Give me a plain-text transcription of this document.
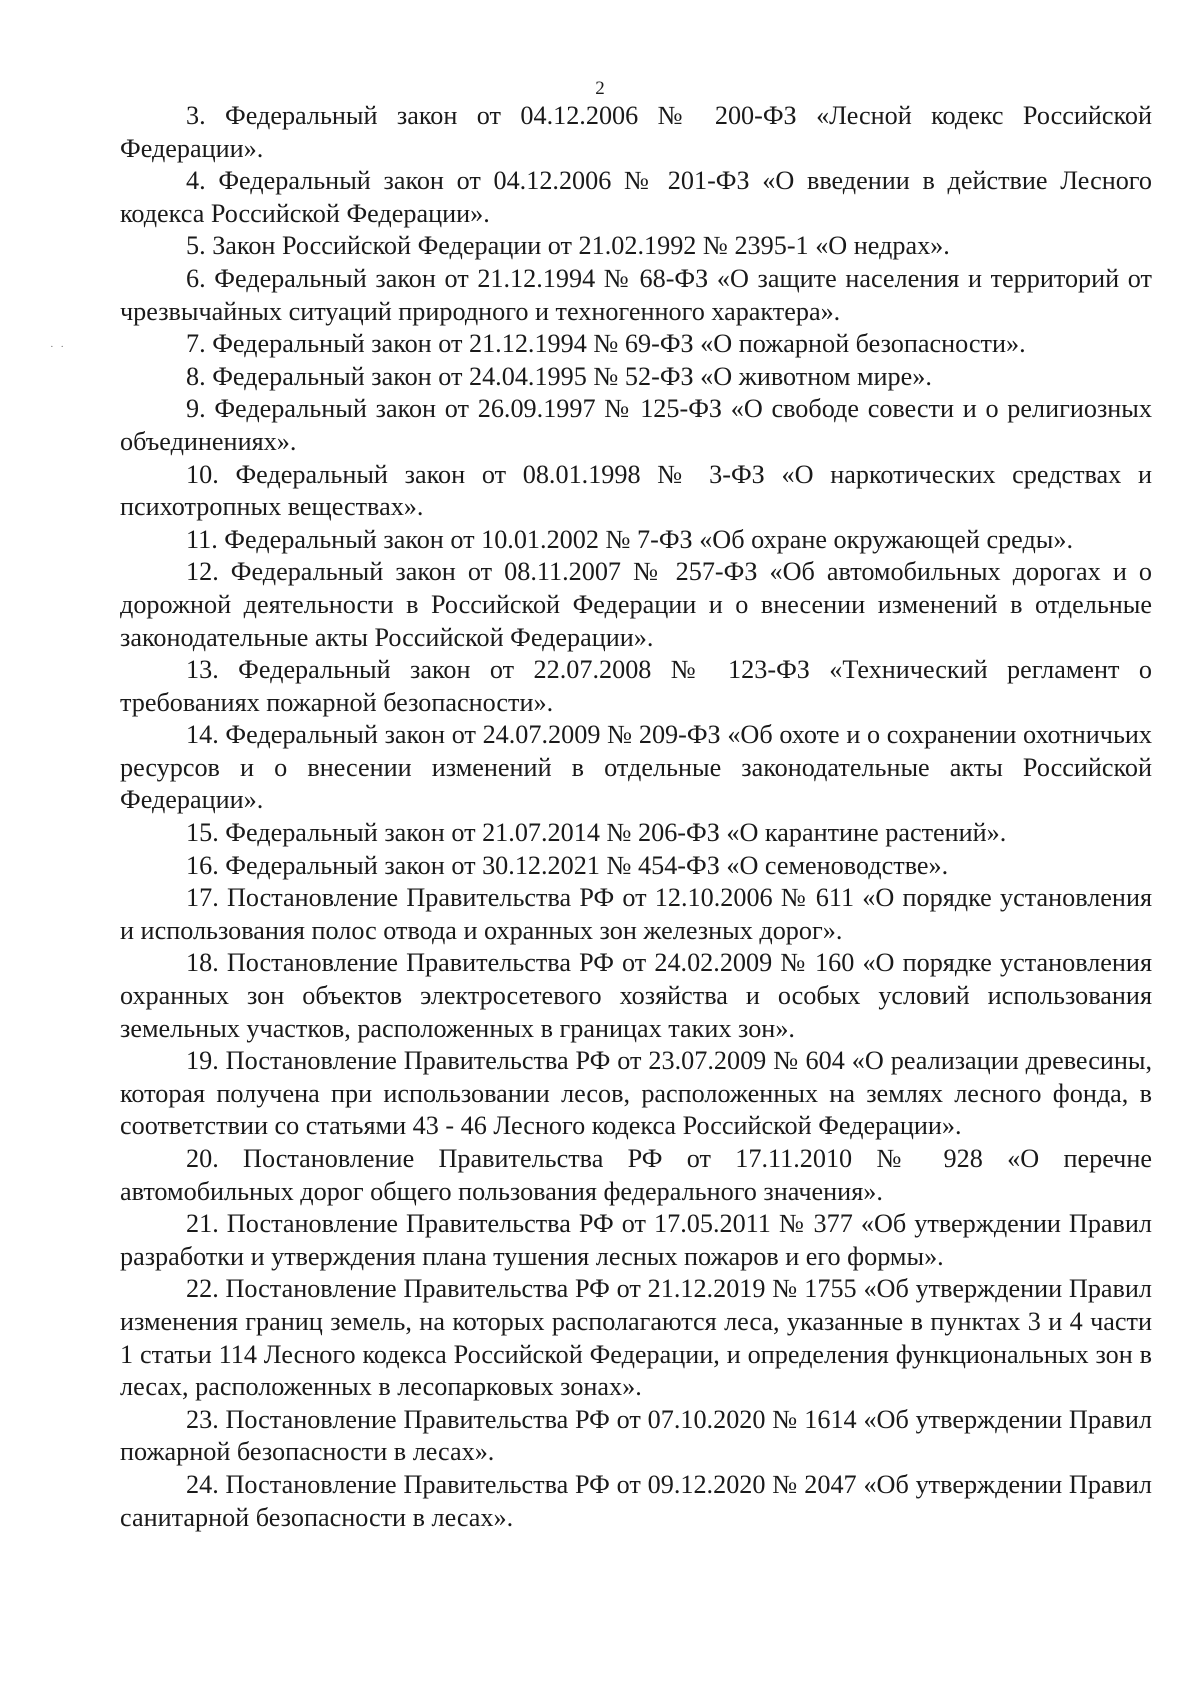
2
· ·

3. Федеральный закон от 04.12.2006 № 200-ФЗ «Лесной кодекс Российской Федерации».

4. Федеральный закон от 04.12.2006 № 201-ФЗ «О введении в действие Лесного кодекса Российской Федерации».

5. Закон Российской Федерации от 21.02.1992 № 2395-1 «О недрах».

6. Федеральный закон от 21.12.1994 № 68-ФЗ «О защите населения и территорий от чрезвычайных ситуаций природного и техногенного характера».

7. Федеральный закон от 21.12.1994 № 69-ФЗ «О пожарной безопасности».

8. Федеральный закон от 24.04.1995 № 52-ФЗ «О животном мире».

9. Федеральный закон от 26.09.1997 № 125-ФЗ «О свободе совести и о религиозных объединениях».

10. Федеральный закон от 08.01.1998 № 3-ФЗ «О наркотических средствах и психотропных веществах».

11. Федеральный закон от 10.01.2002 № 7-ФЗ «Об охране окружающей среды».

12. Федеральный закон от 08.11.2007 № 257-ФЗ «Об автомобильных дорогах и о дорожной деятельности в Российской Федерации и о внесении изменений в отдельные законодательные акты Российской Федерации».

13. Федеральный закон от 22.07.2008 № 123-ФЗ «Технический регламент о требованиях пожарной безопасности».

14. Федеральный закон от 24.07.2009 № 209-ФЗ «Об охоте и о сохранении охотничьих ресурсов и о внесении изменений в отдельные законодательные акты Российской Федерации».

15. Федеральный закон от 21.07.2014 № 206-ФЗ «О карантине растений».

16. Федеральный закон от 30.12.2021 № 454-ФЗ «О семеноводстве».

17. Постановление Правительства РФ от 12.10.2006 № 611 «О порядке установления и использования полос отвода и охранных зон железных дорог».

18. Постановление Правительства РФ от 24.02.2009 № 160 «О порядке установления охранных зон объектов электросетевого хозяйства и особых условий использования земельных участков, расположенных в границах таких зон».

19. Постановление Правительства РФ от 23.07.2009 № 604 «О реализации древесины, которая получена при использовании лесов, расположенных на землях лесного фонда, в соответствии со статьями 43 - 46 Лесного кодекса Российской Федерации».

20. Постановление Правительства РФ от 17.11.2010 № 928 «О перечне автомобильных дорог общего пользования федерального значения».

21. Постановление Правительства РФ от 17.05.2011 № 377 «Об утверждении Правил разработки и утверждения плана тушения лесных пожаров и его формы».

22. Постановление Правительства РФ от 21.12.2019 № 1755 «Об утверждении Правил изменения границ земель, на которых располагаются леса, указанные в пунктах 3 и 4 части 1 статьи 114 Лесного кодекса Российской Федерации, и определения функциональных зон в лесах, расположенных в лесопарковых зонах».

23. Постановление Правительства РФ от 07.10.2020 № 1614 «Об утверждении Правил пожарной безопасности в лесах».

24. Постановление Правительства РФ от 09.12.2020 № 2047 «Об утверждении Правил санитарной безопасности в лесах».
